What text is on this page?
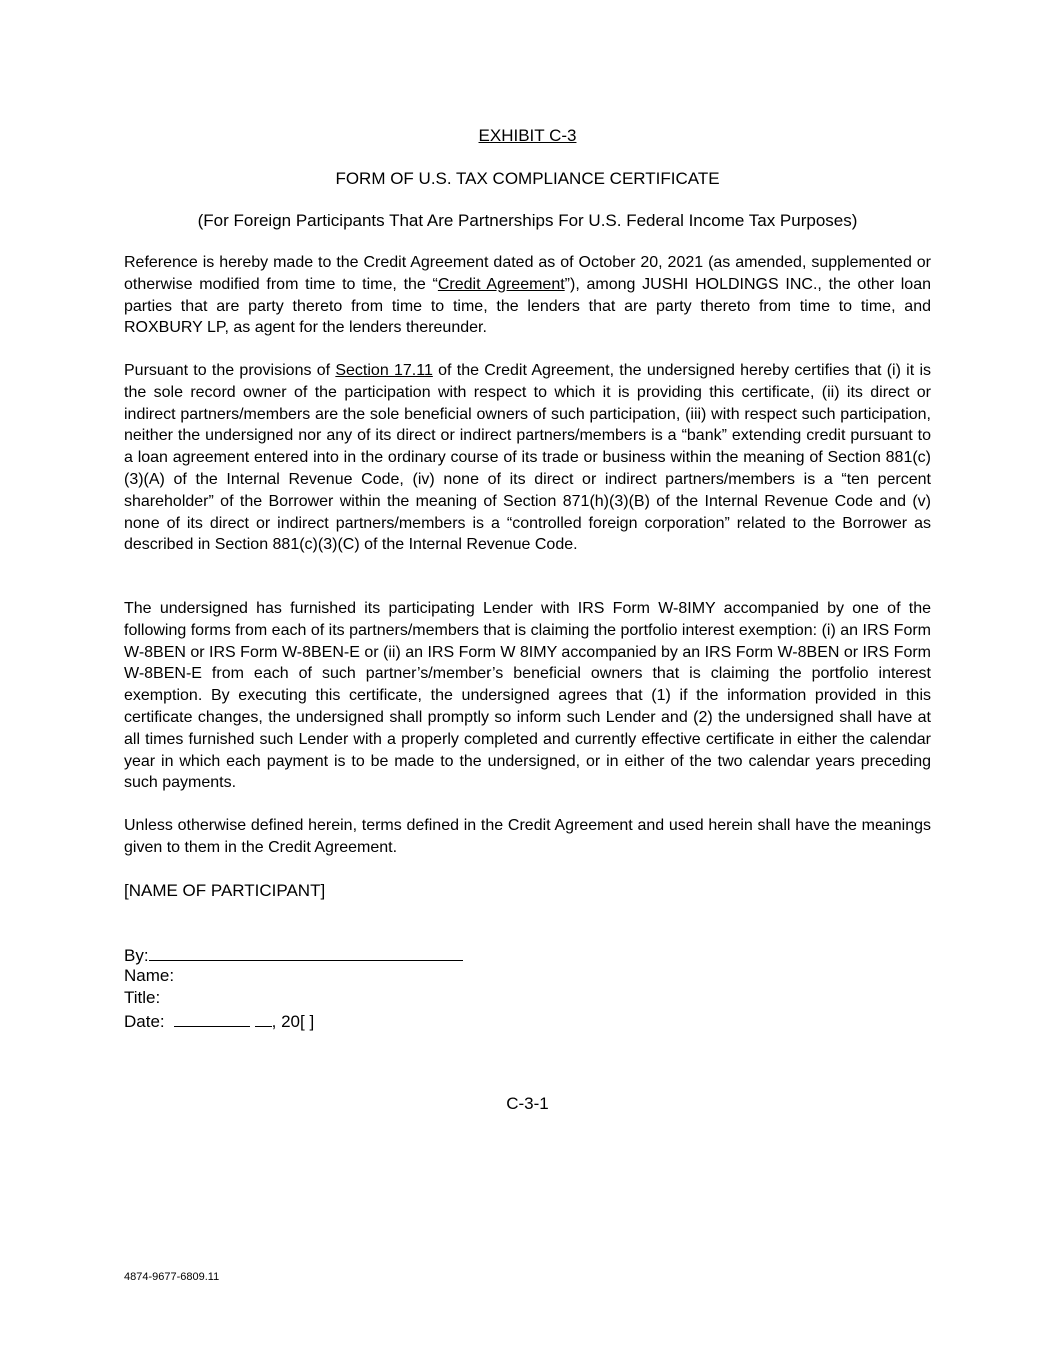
EXHIBIT C-3
FORM OF U.S. TAX COMPLIANCE CERTIFICATE
(For Foreign Participants That Are Partnerships For U.S. Federal Income Tax Purposes)

Reference is hereby made to the Credit Agreement dated as of October 20, 2021 (as amended, supplemented or otherwise modified from time to time, the “Credit Agreement”), among JUSHI HOLDINGS INC., the other loan parties that are party thereto from time to time, the lenders that are party thereto from time to time, and ROXBURY LP, as agent for the lenders thereunder.

Pursuant to the provisions of Section 17.11 of the Credit Agreement, the undersigned hereby certifies that (i) it is the sole record owner of the participation with respect to which it is providing this certificate, (ii) its direct or indirect partners/members are the sole beneficial owners of such participation, (iii) with respect such participation, neither the undersigned nor any of its direct or indirect partners/members is a “bank” extending credit pursuant to a loan agreement entered into in the ordinary course of its trade or business within the meaning of Section 881(c)(3)(A) of the Internal Revenue Code, (iv) none of its direct or indirect partners/members is a “ten percent shareholder” of the Borrower within the meaning of Section 871(h)(3)(B) of the Internal Revenue Code and (v) none of its direct or indirect partners/members is a “controlled foreign corporation” related to the Borrower as described in Section 881(c)(3)(C) of the Internal Revenue Code.

The undersigned has furnished its participating Lender with IRS Form W-8IMY accompanied by one of the following forms from each of its partners/members that is claiming the portfolio interest exemption: (i) an IRS Form W-8BEN or IRS Form W-8BEN-E or (ii) an IRS Form W 8IMY accompanied by an IRS Form W-8BEN or IRS Form W-8BEN-E from each of such partner’s/member’s beneficial owners that is claiming the portfolio interest exemption. By executing this certificate, the undersigned agrees that (1) if the information provided in this certificate changes, the undersigned shall promptly so inform such Lender and (2) the undersigned shall have at all times furnished such Lender with a properly completed and currently effective certificate in either the calendar year in which each payment is to be made to the undersigned, or in either of the two calendar years preceding such payments.

Unless otherwise defined herein, terms defined in the Credit Agreement and used herein shall have the meanings given to them in the Credit Agreement.

[NAME OF PARTICIPANT]
By:
Name:
Title:
Date:	, 20[ ]
C-3-1
4874-9677-6809.11
